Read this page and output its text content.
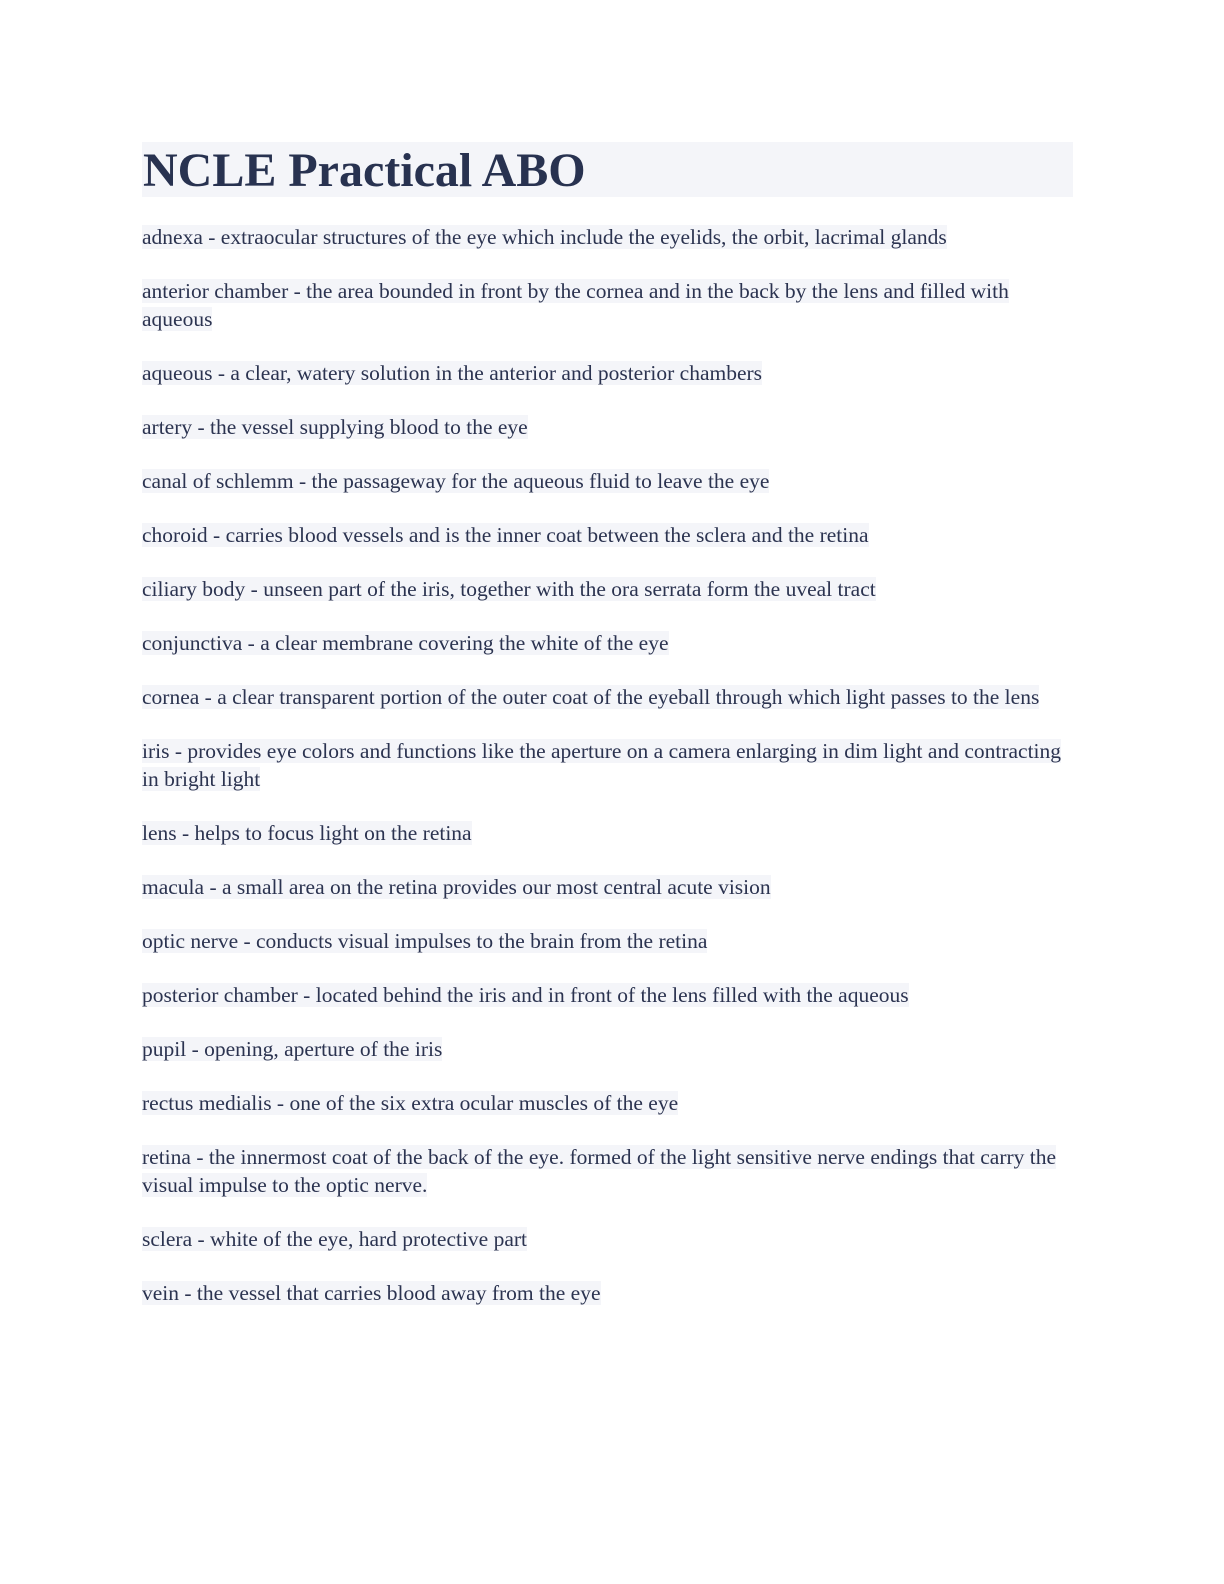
NCLE Practical ABO

adnexa - extraocular structures of the eye which include the eyelids, the orbit, lacrimal glands

anterior chamber - the area bounded in front by the cornea and in the back by the lens and filled with aqueous

aqueous - a clear, watery solution in the anterior and posterior chambers

artery - the vessel supplying blood to the eye

canal of schlemm - the passageway for the aqueous fluid to leave the eye

choroid - carries blood vessels and is the inner coat between the sclera and the retina

ciliary body - unseen part of the iris, together with the ora serrata form the uveal tract

conjunctiva - a clear membrane covering the white of the eye

cornea - a clear transparent portion of the outer coat of the eyeball through which light passes to the lens

iris - provides eye colors and functions like the aperture on a camera enlarging in dim light and contracting in bright light

lens - helps to focus light on the retina

macula - a small area on the retina provides our most central acute vision

optic nerve - conducts visual impulses to the brain from the retina

posterior chamber - located behind the iris and in front of the lens filled with the aqueous

pupil - opening, aperture of the iris

rectus medialis - one of the six extra ocular muscles of the eye

retina - the innermost coat of the back of the eye. formed of the light sensitive nerve endings that carry the visual impulse to the optic nerve.

sclera - white of the eye, hard protective part

vein - the vessel that carries blood away from the eye
